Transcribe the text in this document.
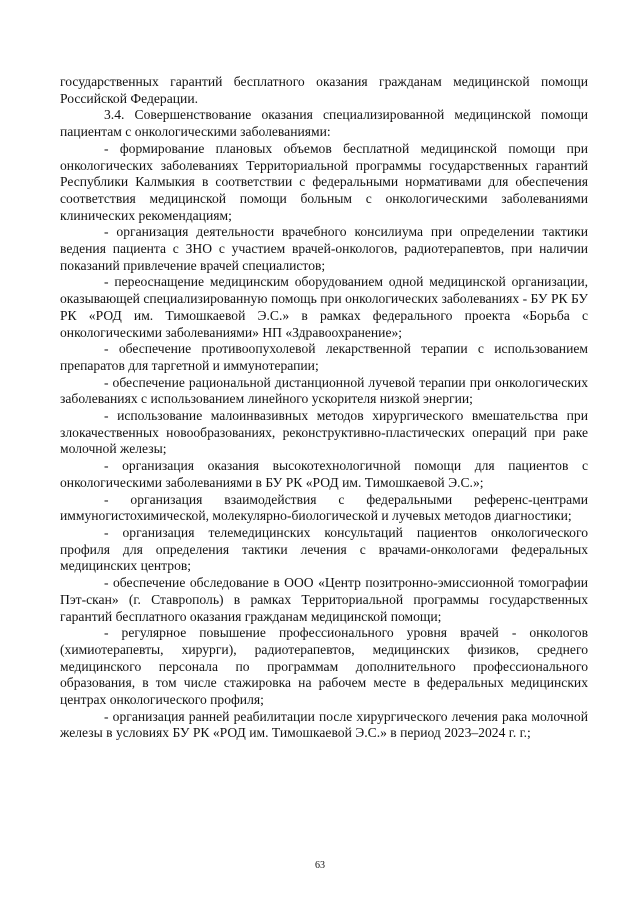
государственных гарантий бесплатного оказания гражданам медицинской помощи Российской Федерации.

3.4. Совершенствование оказания специализированной медицинской помощи пациентам с онкологическими заболеваниями:

- формирование плановых объемов бесплатной медицинской помощи при онкологических заболеваниях Территориальной программы государственных гарантий Республики Калмыкия в соответствии с федеральными нормативами для обеспечения соответствия медицинской помощи больным с онкологическими заболеваниями клинических рекомендациям;

- организация деятельности врачебного консилиума при определении тактики ведения пациента с ЗНО с участием врачей-онкологов, радиотерапевтов, при наличии показаний привлечение врачей специалистов;

- переоснащение медицинским оборудованием одной медицинской организации, оказывающей специализированную помощь при онкологических заболеваниях - БУ РК БУ РК «РОД им. Тимошкаевой Э.С.» в рамках федерального проекта «Борьба с онкологическими заболеваниями» НП «Здравоохранение»;

- обеспечение противоопухолевой лекарственной терапии с использованием препаратов для таргетной и иммунотерапии;

- обеспечение рациональной дистанционной лучевой терапии при онкологических заболеваниях с использованием линейного ускорителя низкой энергии;

- использование малоинвазивных методов хирургического вмешательства при злокачественных новообразованиях, реконструктивно-пластических операций при раке молочной железы;

- организация оказания высокотехнологичной помощи для пациентов с онкологическими заболеваниями в БУ РК «РОД им. Тимошкаевой Э.С.»;

- организация взаимодействия с федеральными референс-центрами иммуногистохимической, молекулярно-биологической и лучевых методов диагностики;

- организация телемедицинских консультаций пациентов онкологического профиля для определения тактики лечения с врачами-онкологами федеральных медицинских центров;

- обеспечение обследование в ООО «Центр позитронно-эмиссионной томографии Пэт-скан» (г. Ставрополь) в рамках Территориальной программы государственных гарантий бесплатного оказания гражданам медицинской помощи;

- регулярное повышение профессионального уровня врачей - онкологов (химиотерапевты, хирурги), радиотерапевтов, медицинских физиков, среднего медицинского персонала по программам дополнительного профессионального образования, в том числе стажировка на рабочем месте в федеральных медицинских центрах онкологического профиля;

- организация ранней реабилитации после хирургического лечения рака молочной железы в условиях БУ РК «РОД им. Тимошкаевой Э.С.» в период 2023–2024 г. г.;

63
